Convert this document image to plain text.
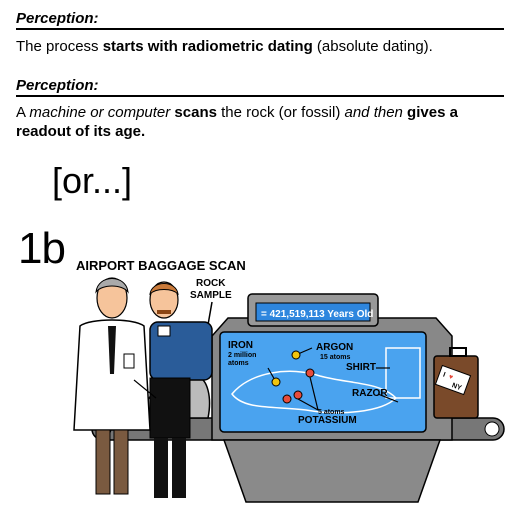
Perception:
The process starts with radiometric dating (absolute dating).
Perception:
A machine or computer scans the rock (or fossil) and then gives a readout of its age.
[or...]
1b AIRPORT BAGGAGE SCAN
ROCK
SAMPLE
= 421,519,113 Years Old
IRON
2 million
atoms
ARGON
15 atoms
SHIRT
RAZOR
5 atoms
POTASSIUM
I ♥
NY
